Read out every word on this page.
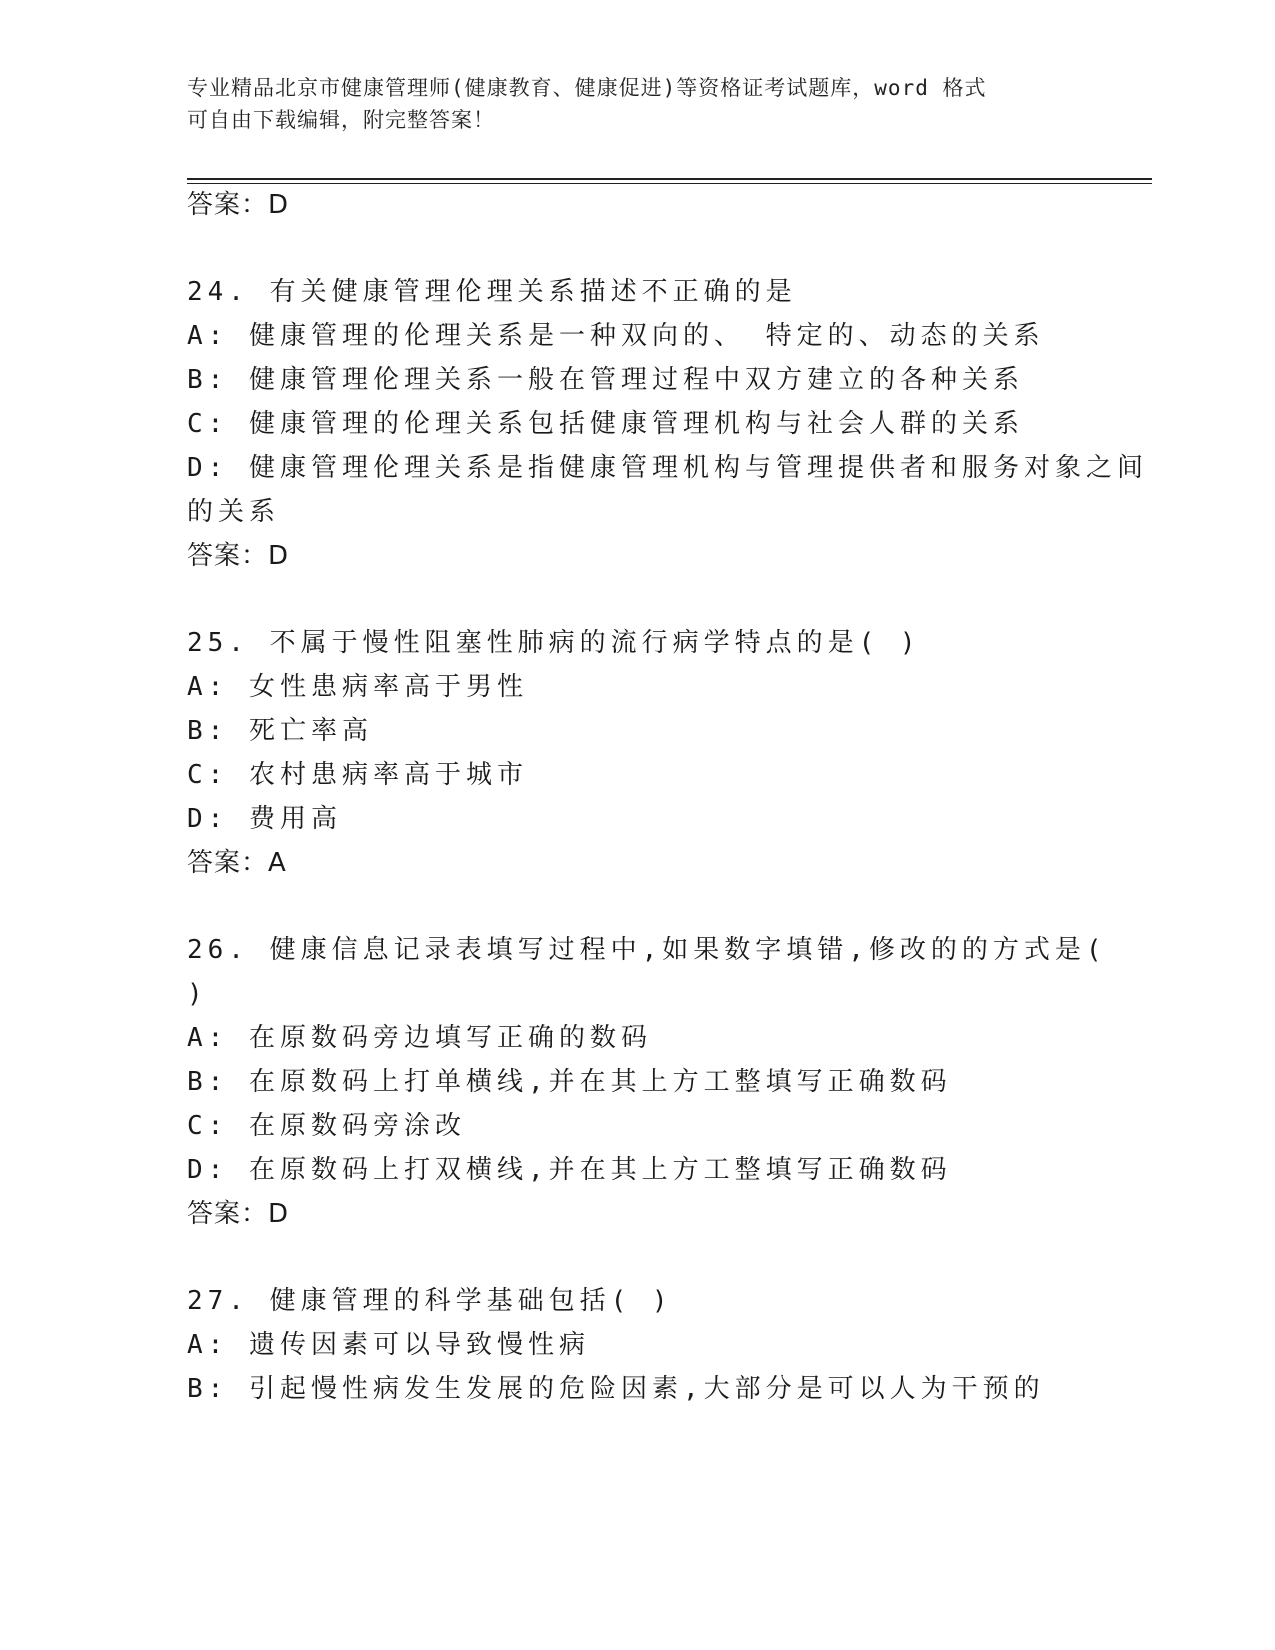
专业精品北京市健康管理师(健康教育、健康促进)等资格证考试题库，word 格式
可自由下载编辑，附完整答案！
答案：D
24. 有关健康管理伦理关系描述不正确的是
A: 健康管理的伦理关系是一种双向的、 特定的、动态的关系
B: 健康管理伦理关系一般在管理过程中双方建立的各种关系
C: 健康管理的伦理关系包括健康管理机构与社会人群的关系
D: 健康管理伦理关系是指健康管理机构与管理提供者和服务对象之间
的关系
答案：D
25. 不属于慢性阻塞性肺病的流行病学特点的是( )
A: 女性患病率高于男性
B: 死亡率高
C: 农村患病率高于城市
D: 费用高
答案：A
26. 健康信息记录表填写过程中,如果数字填错,修改的的方式是(
)
A: 在原数码旁边填写正确的数码
B: 在原数码上打单横线,并在其上方工整填写正确数码
C: 在原数码旁涂改
D: 在原数码上打双横线,并在其上方工整填写正确数码
答案：D
27. 健康管理的科学基础包括( )
A: 遗传因素可以导致慢性病
B: 引起慢性病发生发展的危险因素,大部分是可以人为干预的
